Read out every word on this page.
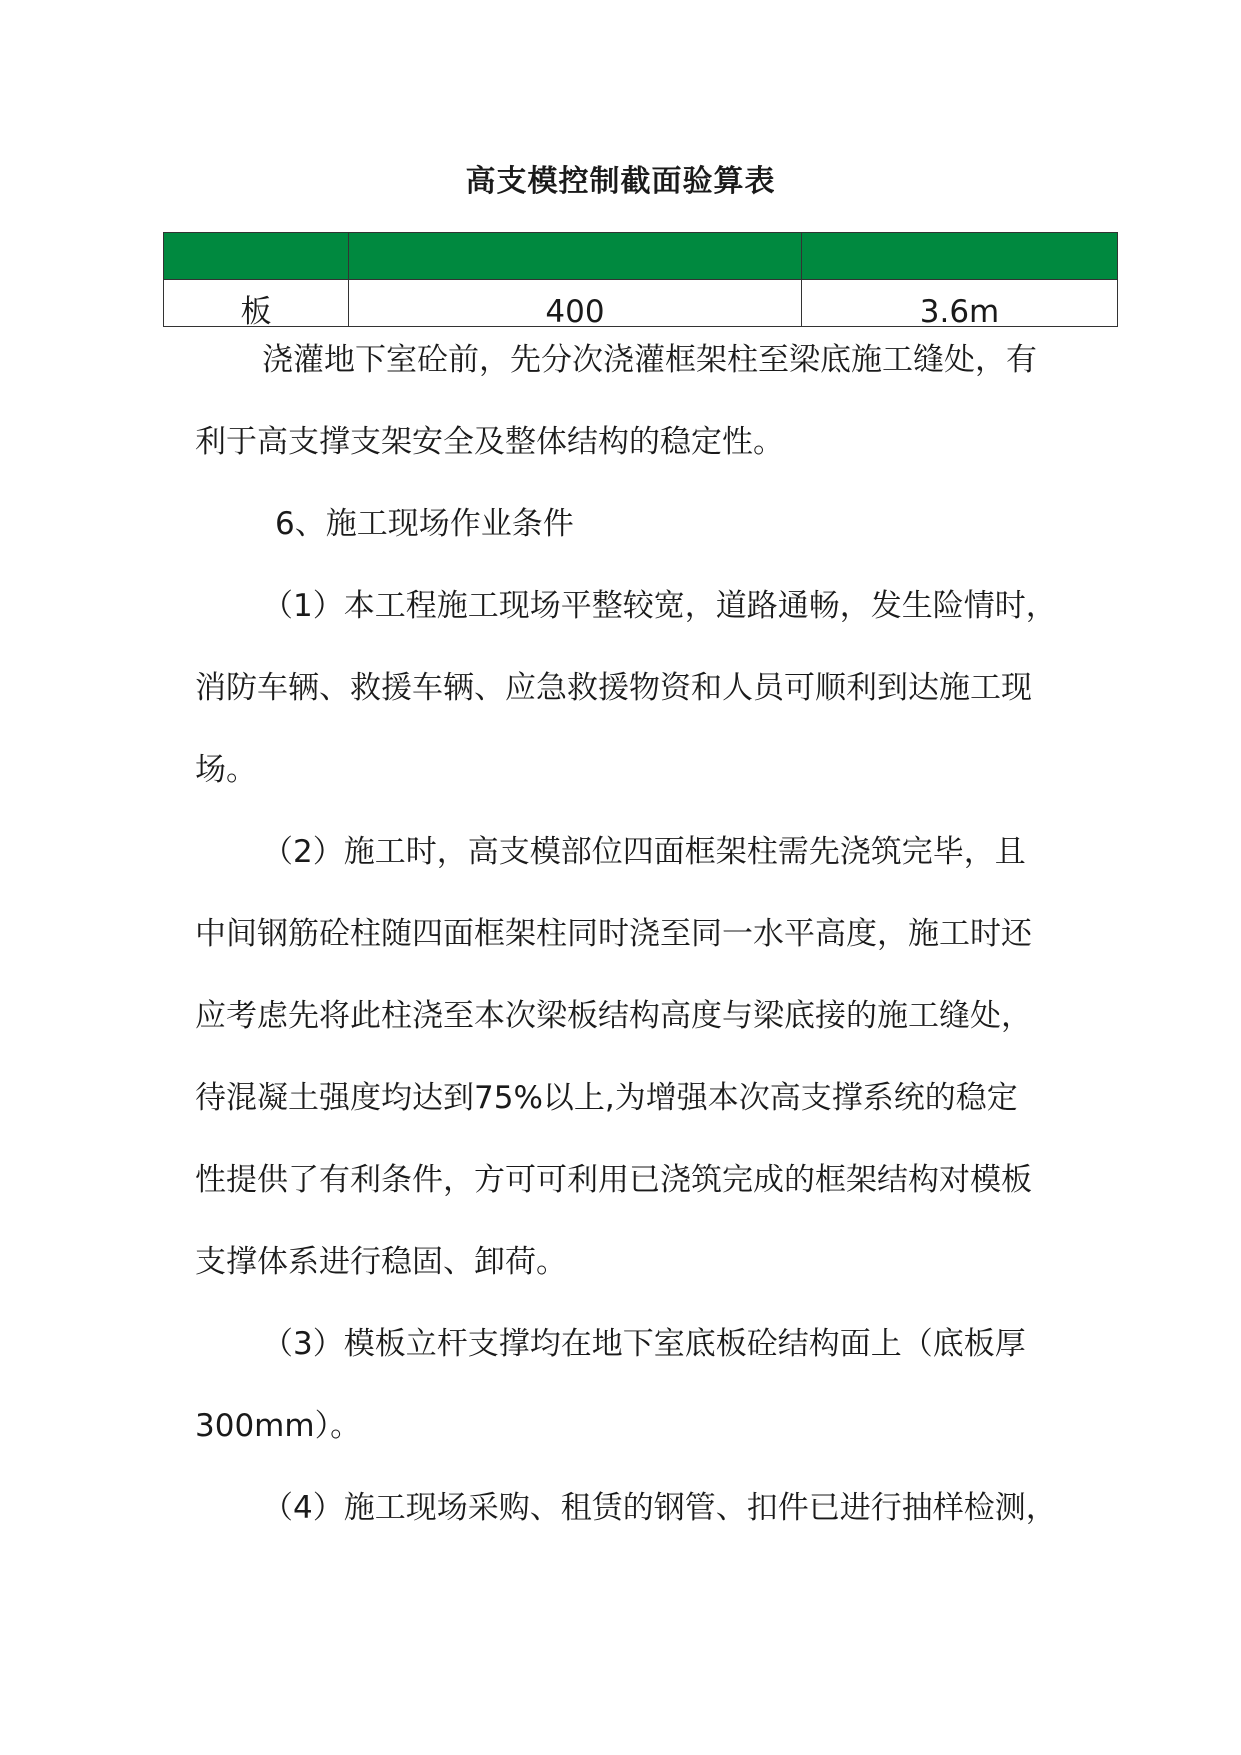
高支模控制截面验算表

板	400	3.6m
浇灌地下室砼前，先分次浇灌框架柱至梁底施工缝处，有
利于高支撑支架安全及整体结构的稳定性。
6、施工现场作业条件
（1）本工程施工现场平整较宽，道路通畅，发生险情时，
消防车辆、救援车辆、应急救援物资和人员可顺利到达施工现
场。
（2）施工时，高支模部位四面框架柱需先浇筑完毕，且
中间钢筋砼柱随四面框架柱同时浇至同一水平高度，施工时还
应考虑先将此柱浇至本次梁板结构高度与梁底接的施工缝处，
待混凝土强度均达到75%以上,为增强本次高支撑系统的稳定
性提供了有利条件，方可可利用已浇筑完成的框架结构对模板
支撑体系进行稳固、卸荷。
（3）模板立杆支撑均在地下室底板砼结构面上（底板厚
300mm）。
（4）施工现场采购、租赁的钢管、扣件已进行抽样检测，
